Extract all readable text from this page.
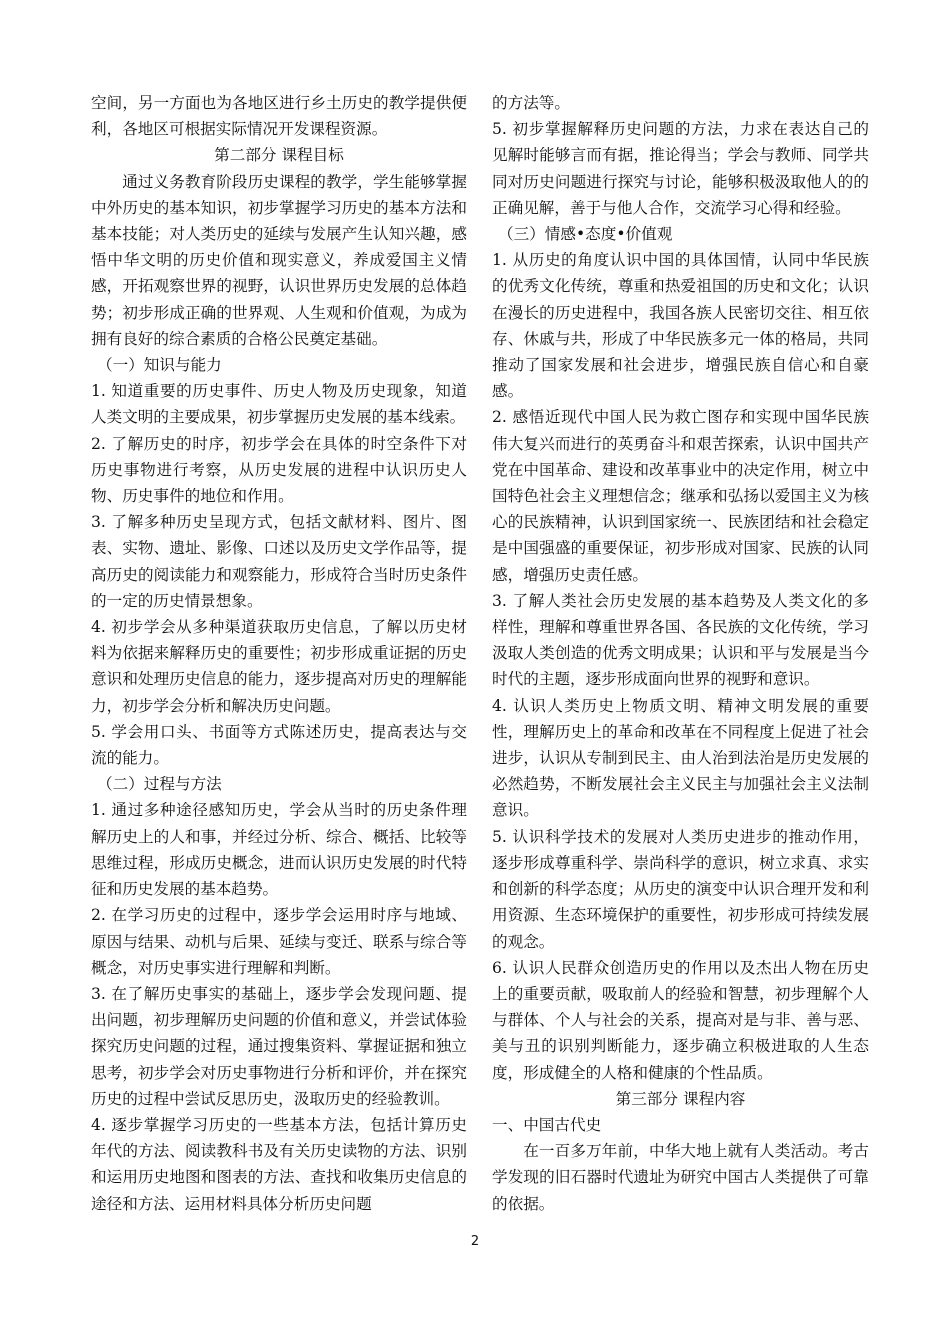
空间，另一方面也为各地区进行乡土历史的教学提供便利，各地区可根据实际情况开发课程资源。

第二部分 课程目标

通过义务教育阶段历史课程的教学，学生能够掌握中外历史的基本知识，初步掌握学习历史的基本方法和基本技能；对人类历史的延续与发展产生认知兴趣，感悟中华文明的历史价值和现实意义，养成爱国主义情感，开拓观察世界的视野，认识世界历史发展的总体趋势；初步形成正确的世界观、人生观和价值观，为成为拥有良好的综合素质的合格公民奠定基础。

（一）知识与能力

1. 知道重要的历史事件、历史人物及历史现象，知道人类文明的主要成果，初步掌握历史发展的基本线索。

2. 了解历史的时序，初步学会在具体的时空条件下对历史事物进行考察，从历史发展的进程中认识历史人物、历史事件的地位和作用。

3. 了解多种历史呈现方式，包括文献材料、图片、图表、实物、遗址、影像、口述以及历史文学作品等，提高历史的阅读能力和观察能力，形成符合当时历史条件的一定的历史情景想象。

4. 初步学会从多种渠道获取历史信息，了解以历史材料为依据来解释历史的重要性；初步形成重证据的历史意识和处理历史信息的能力，逐步提高对历史的理解能力，初步学会分析和解决历史问题。

5. 学会用口头、书面等方式陈述历史，提高表达与交流的能力。

（二）过程与方法

1. 通过多种途径感知历史，学会从当时的历史条件理解历史上的人和事，并经过分析、综合、概括、比较等思维过程，形成历史概念，进而认识历史发展的时代特征和历史发展的基本趋势。

2. 在学习历史的过程中，逐步学会运用时序与地域、原因与结果、动机与后果、延续与变迁、联系与综合等概念，对历史事实进行理解和判断。

3. 在了解历史事实的基础上，逐步学会发现问题、提出问题，初步理解历史问题的价值和意义，并尝试体验探究历史问题的过程，通过搜集资料、掌握证据和独立思考，初步学会对历史事物进行分析和评价，并在探究历史的过程中尝试反思历史，汲取历史的经验教训。

4. 逐步掌握学习历史的一些基本方法，包括计算历史年代的方法、阅读教科书及有关历史读物的方法、识别和运用历史地图和图表的方法、查找和收集历史信息的途径和方法、运用材料具体分析历史问题

的方法等。

5. 初步掌握解释历史问题的方法，力求在表达自己的见解时能够言而有据，推论得当；学会与教师、同学共同对历史问题进行探究与讨论，能够积极汲取他人的的正确见解，善于与他人合作，交流学习心得和经验。

（三）情感•态度•价值观

1. 从历史的角度认识中国的具体国情，认同中华民族的优秀文化传统，尊重和热爱祖国的历史和文化；认识在漫长的历史进程中，我国各族人民密切交往、相互依存、休戚与共，形成了中华民族多元一体的格局，共同推动了国家发展和社会进步，增强民族自信心和自豪感。

2. 感悟近现代中国人民为救亡图存和实现中国华民族伟大复兴而进行的英勇奋斗和艰苦探索，认识中国共产党在中国革命、建设和改革事业中的决定作用，树立中国特色社会主义理想信念；继承和弘扬以爱国主义为核心的民族精神，认识到国家统一、民族团结和社会稳定是中国强盛的重要保证，初步形成对国家、民族的认同感，增强历史责任感。

3. 了解人类社会历史发展的基本趋势及人类文化的多样性，理解和尊重世界各国、各民族的文化传统，学习汲取人类创造的优秀文明成果；认识和平与发展是当今时代的主题，逐步形成面向世界的视野和意识。

4. 认识人类历史上物质文明、精神文明发展的重要性，理解历史上的革命和改革在不同程度上促进了社会进步，认识从专制到民主、由人治到法治是历史发展的必然趋势，不断发展社会主义民主与加强社会主义法制意识。

5. 认识科学技术的发展对人类历史进步的推动作用，逐步形成尊重科学、崇尚科学的意识，树立求真、求实和创新的科学态度；从历史的演变中认识合理开发和利用资源、生态环境保护的重要性，初步形成可持续发展的观念。

6. 认识人民群众创造历史的作用以及杰出人物在历史上的重要贡献，吸取前人的经验和智慧，初步理解个人与群体、个人与社会的关系，提高对是与非、善与恶、美与丑的识别判断能力，逐步确立积极进取的人生态度，形成健全的人格和健康的个性品质。

第三部分 课程内容

一、中国古代史

在一百多万年前，中华大地上就有人类活动。考古学发现的旧石器时代遗址为研究中国古人类提供了可靠的依据。

2
